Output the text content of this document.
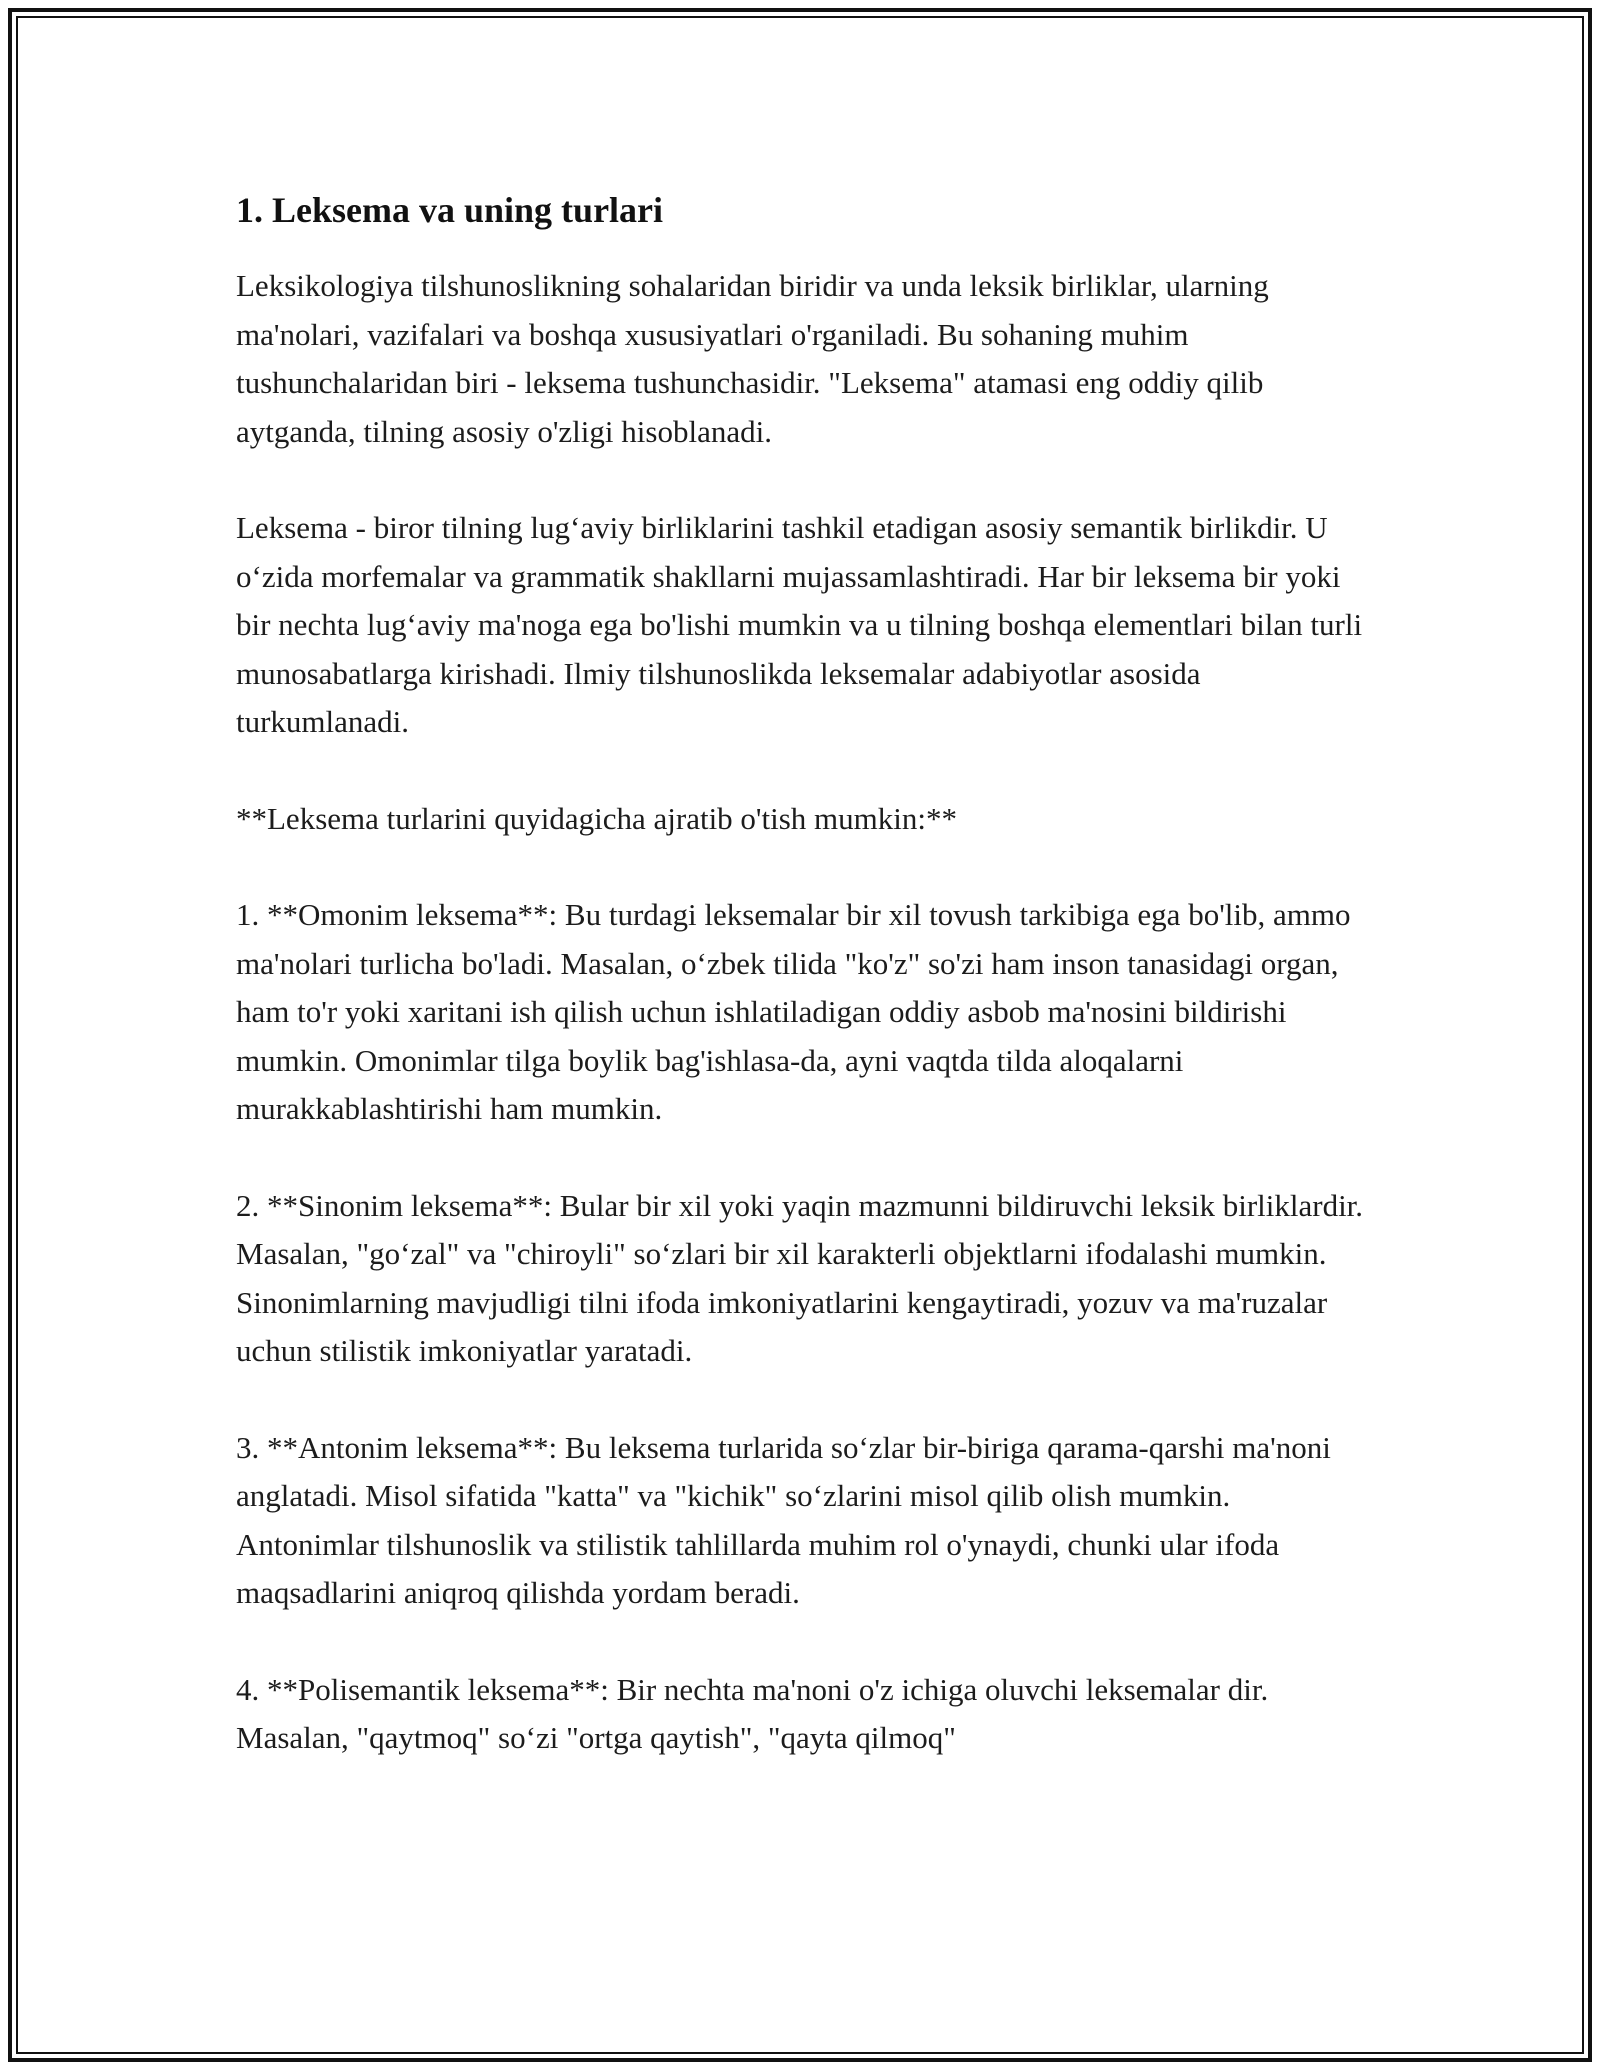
1. Leksema va uning turlari

Leksikologiya tilshunoslikning sohalaridan biridir va unda leksik birliklar, ularning ma'nolari, vazifalari va boshqa xususiyatlari o'rganiladi. Bu sohaning muhim tushunchalaridan biri - leksema tushunchasidir. "Leksema" atamasi eng oddiy qilib aytganda, tilning asosiy o'zligi hisoblanadi.

Leksema - biror tilning lug‘aviy birliklarini tashkil etadigan asosiy semantik birlikdir. U o‘zida morfemalar va grammatik shakllarni mujassamlashtiradi. Har bir leksema bir yoki bir nechta lug‘aviy ma'noga ega bo'lishi mumkin va u tilning boshqa elementlari bilan turli munosabatlarga kirishadi. Ilmiy tilshunoslikda leksemalar adabiyotlar asosida turkumlanadi.

**Leksema turlarini quyidagicha ajratib o'tish mumkin:**

1. **Omonim leksema**: Bu turdagi leksemalar bir xil tovush tarkibiga ega bo'lib, ammo ma'nolari turlicha bo'ladi. Masalan, o‘zbek tilida "ko'z" so'zi ham inson tanasidagi organ, ham to'r yoki xaritani ish qilish uchun ishlatiladigan oddiy asbob ma'nosini bildirishi mumkin. Omonimlar tilga boylik bag'ishlasa-da, ayni vaqtda tilda aloqalarni murakkablashtirishi ham mumkin.

2. **Sinonim leksema**: Bular bir xil yoki yaqin mazmunni bildiruvchi leksik birliklardir. Masalan, "go‘zal" va "chiroyli" so‘zlari bir xil karakterli objektlarni ifodalashi mumkin. Sinonimlarning mavjudligi tilni ifoda imkoniyatlarini kengaytiradi, yozuv va ma'ruzalar uchun stilistik imkoniyatlar yaratadi.

3. **Antonim leksema**: Bu leksema turlarida so‘zlar bir-biriga qarama-qarshi ma'noni anglatadi. Misol sifatida "katta" va "kichik" so‘zlarini misol qilib olish mumkin. Antonimlar tilshunoslik va stilistik tahlillarda muhim rol o'ynaydi, chunki ular ifoda maqsadlarini aniqroq qilishda yordam beradi.

4. **Polisemantik leksema**: Bir nechta ma'noni o'z ichiga oluvchi leksemalar dir. Masalan, "qaytmoq" so‘zi "ortga qaytish", "qayta qilmoq"
